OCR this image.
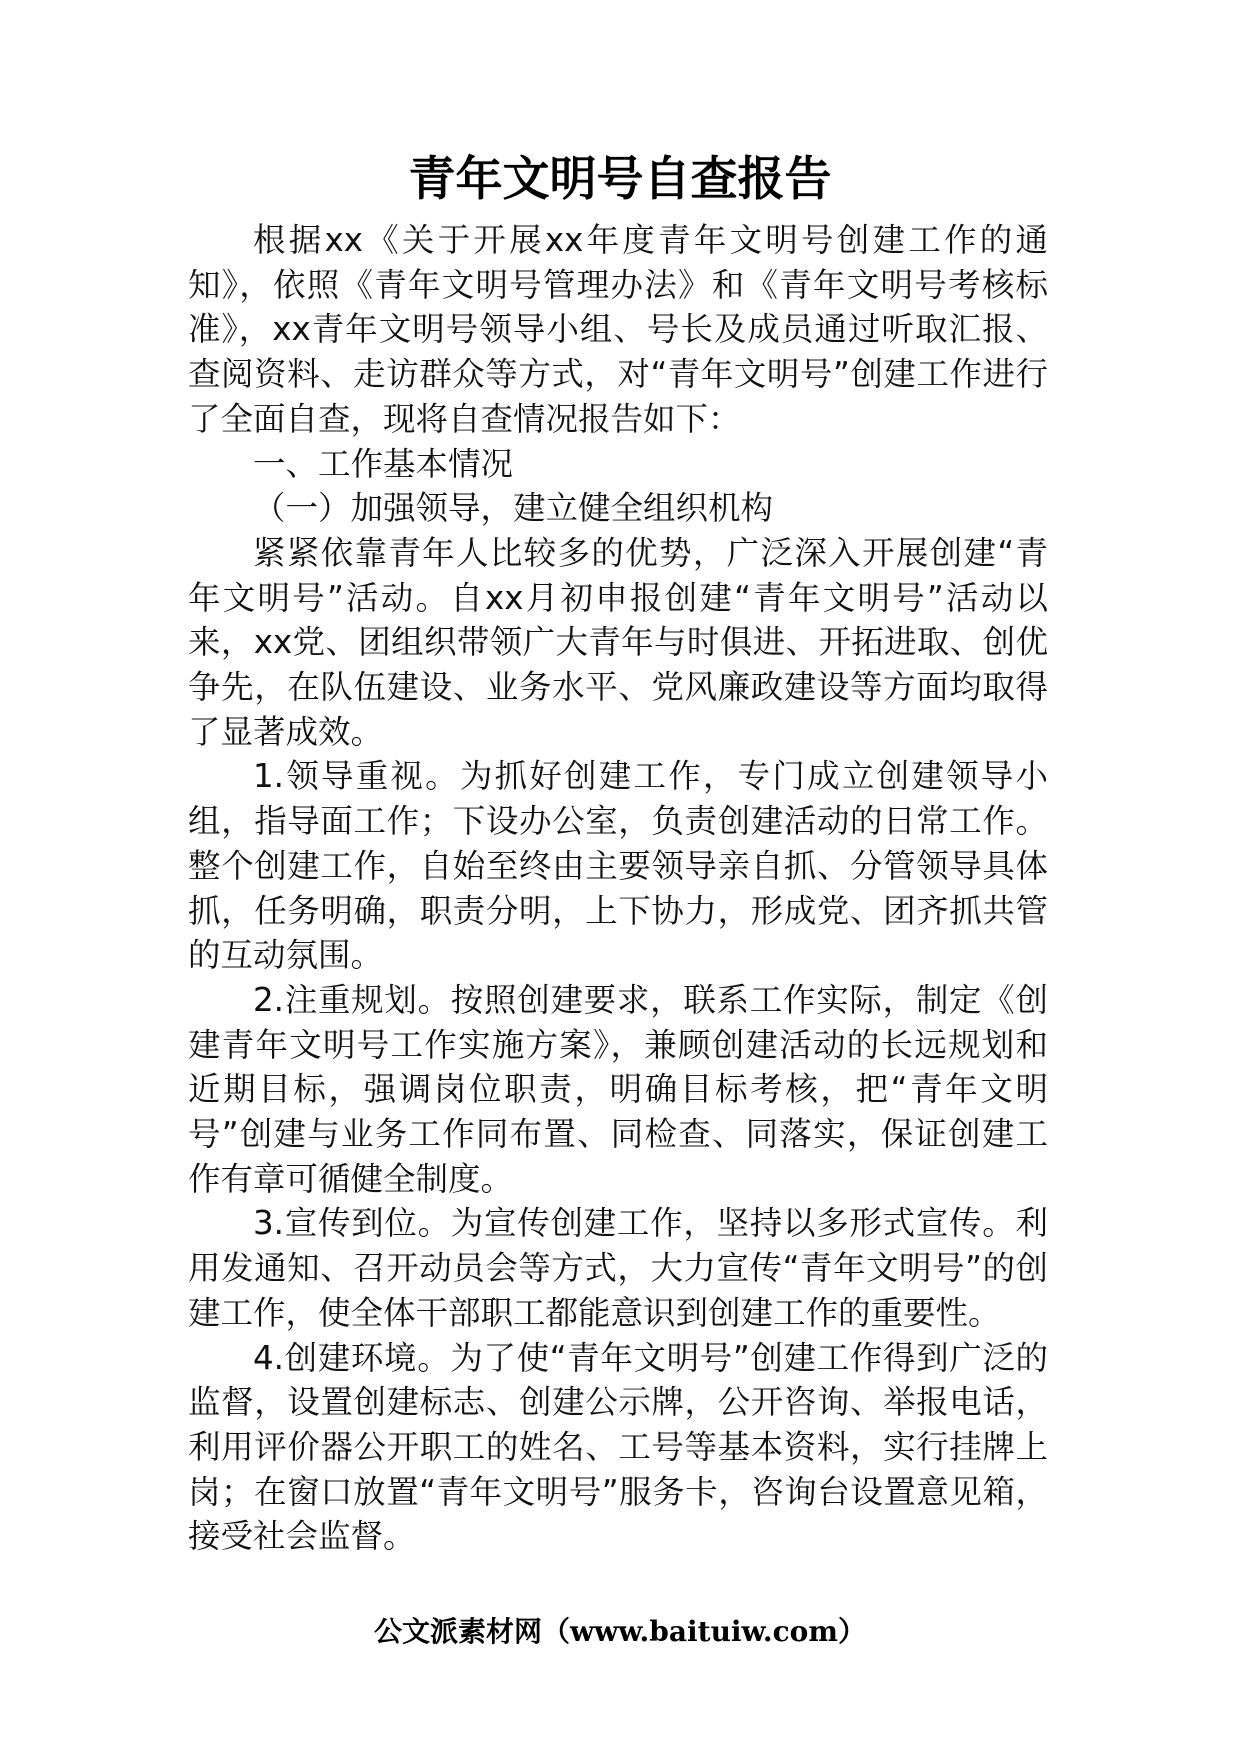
青年文明号自查报告

根据xx《关于开展xx年度青年文明号创建工作的通知》，依照《青年文明号管理办法》和《青年文明号考核标准》，xx青年文明号领导小组、号长及成员通过听取汇报、查阅资料、走访群众等方式，对“青年文明号”创建工作进行了全面自查，现将自查情况报告如下：

一、工作基本情况

（一）加强领导，建立健全组织机构

紧紧依靠青年人比较多的优势，广泛深入开展创建“青年文明号”活动。自xx月初申报创建“青年文明号”活动以来，xx党、团组织带领广大青年与时俱进、开拓进取、创优争先，在队伍建设、业务水平、党风廉政建设等方面均取得了显著成效。

1.领导重视。为抓好创建工作，专门成立创建领导小组，指导面工作；下设办公室，负责创建活动的日常工作。整个创建工作，自始至终由主要领导亲自抓、分管领导具体抓，任务明确，职责分明，上下协力，形成党、团齐抓共管的互动氛围。

2.注重规划。按照创建要求，联系工作实际，制定《创建青年文明号工作实施方案》，兼顾创建活动的长远规划和近期目标，强调岗位职责，明确目标考核，把“青年文明号”创建与业务工作同布置、同检查、同落实，保证创建工作有章可循健全制度。

3.宣传到位。为宣传创建工作，坚持以多形式宣传。利用发通知、召开动员会等方式，大力宣传“青年文明号”的创建工作，使全体干部职工都能意识到创建工作的重要性。

4.创建环境。为了使“青年文明号”创建工作得到广泛的监督，设置创建标志、创建公示牌，公开咨询、举报电话，利用评价器公开职工的姓名、工号等基本资料，实行挂牌上岗；在窗口放置“青年文明号”服务卡，咨询台设置意见箱，接受社会监督。

公文派素材网（www.baituiw.com）
